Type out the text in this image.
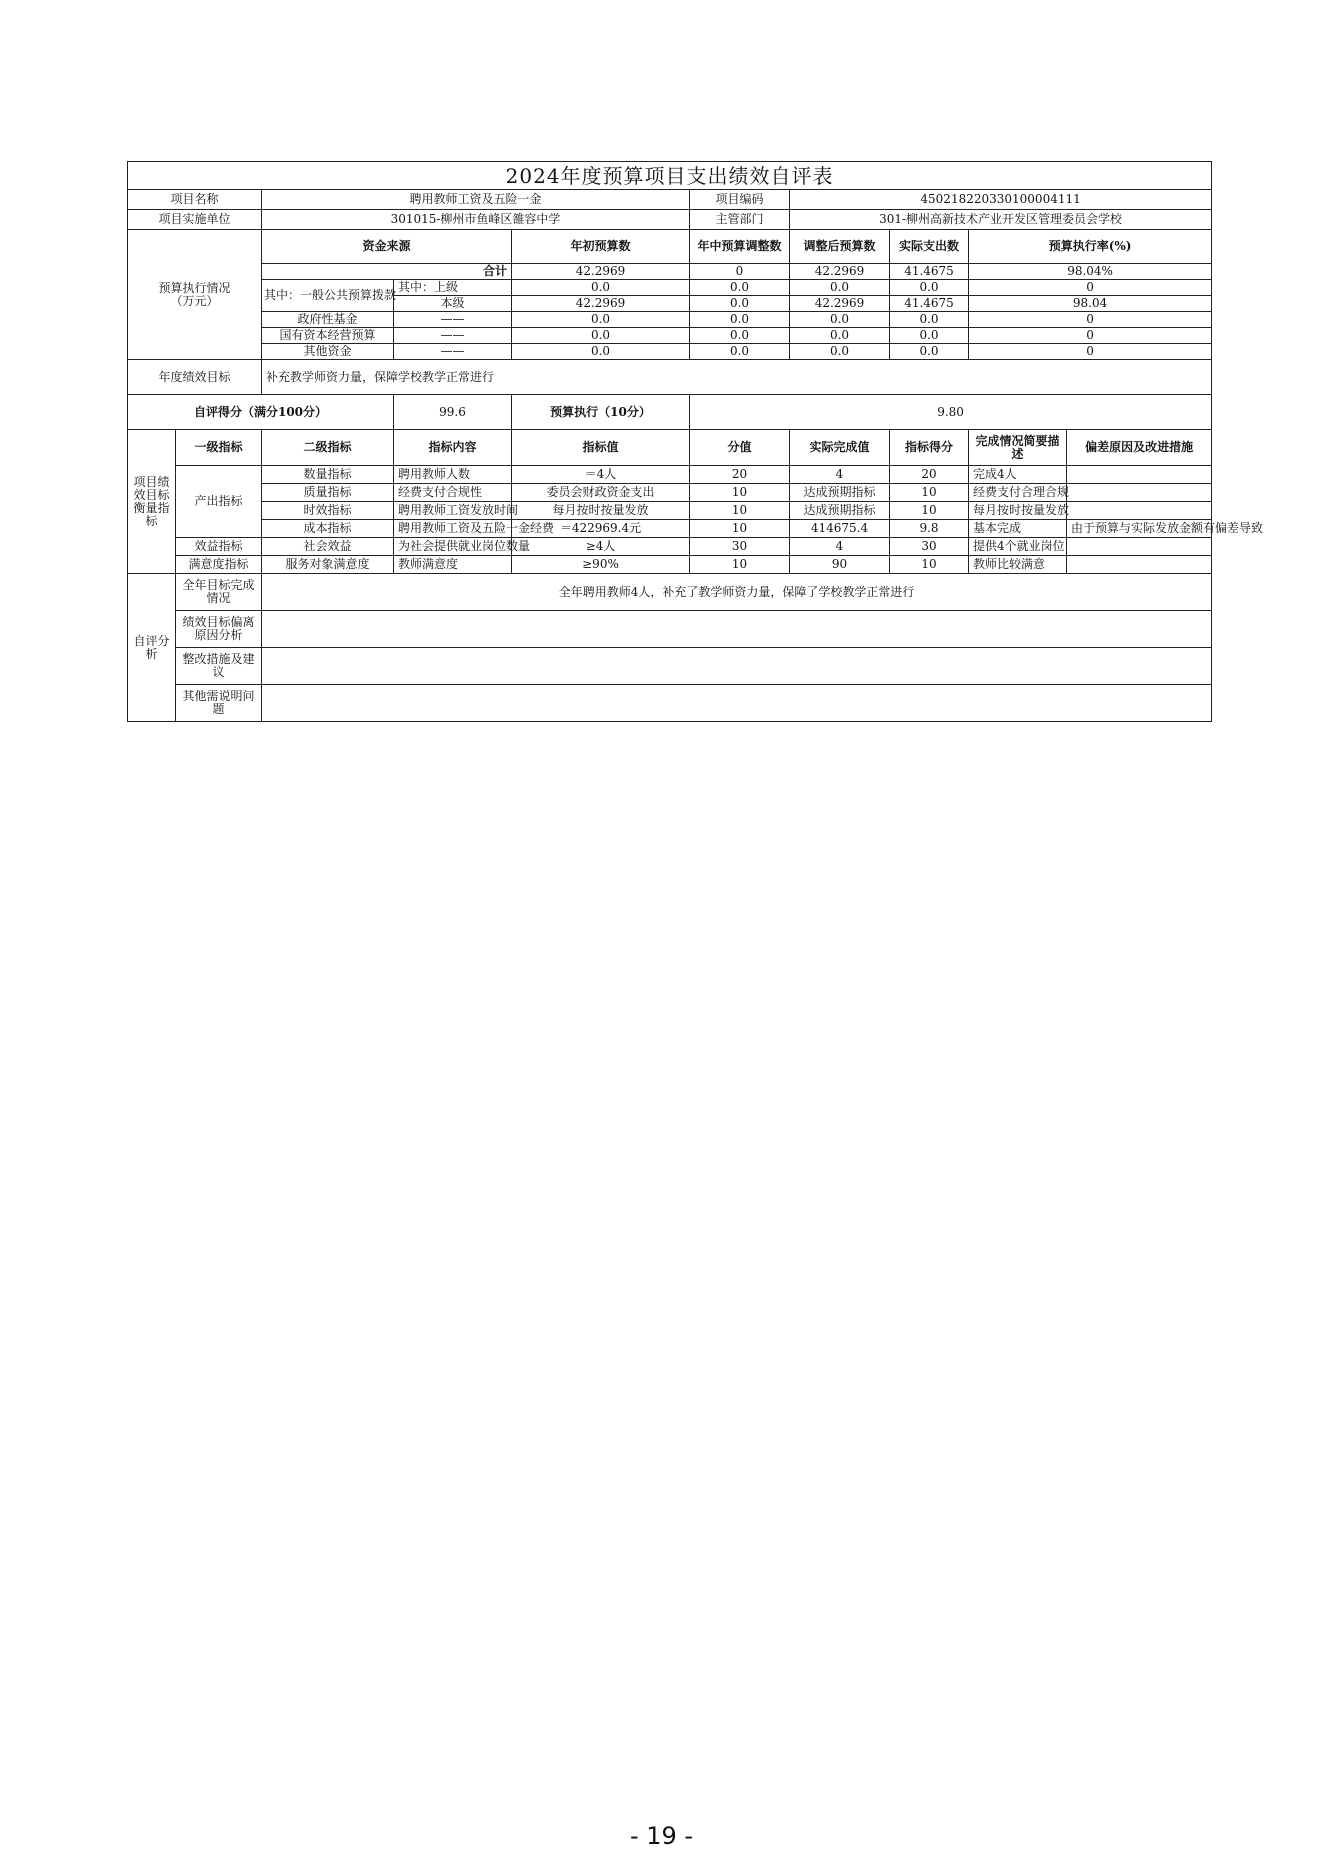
2024年度预算项目支出绩效自评表									
项目名称		聘用教师工资及五险一金			项目编码	450218220330100004111			
项目实施单位		301015-柳州市鱼峰区雒容中学			主管部门	301-柳州高新技术产业开发区管理委员会学校			
预算执行情况
（万元）		资金来源		年初预算数	年中预算调整数	调整后预算数	实际支出数	预算执行率(%)	
		合计		42.2969	0	42.2969	41.4675	98.04%	

		其中：一般公共预算拨款	其中：上级	0.0	0.0	0.0	0.0	0	
			本级	42.2969	0.0	42.2969	41.4675	98.04	
		政府性基金	——	0.0	0.0	0.0	0.0	0	
		国有资本经营预算	——	0.0	0.0	0.0	0.0	0	
		其他资金	——	0.0	0.0	0.0	0.0	0	
年度绩效目标		补充教学师资力量，保障学校教学正常进行							
自评得分（满分100分）			99.6	预算执行（10分）	9.80				
项目绩效目标衡量指标	一级指标	二级指标	指标内容	指标值	分值	实际完成值	指标得分	完成情况简要描述	偏差原因及改进措施
	产出指标	数量指标	聘用教师人数	＝4人	20	4	20	完成4人	

		质量指标	经费支付合规性	委员会财政资金支出	10	达成预期指标	10	经费支付合理合规	

		时效指标	聘用教师工资发放时间	每月按时按量发放	10	达成预期指标	10	每月按时按量发放	

		成本指标	聘用教师工资及五险一金经费	＝422969.4元	10	414675.4	9.8	基本完成	由于预算与实际发放金额有偏差导致

	效益指标	社会效益	为社会提供就业岗位数量	≥4人	30	4	30	提供4个就业岗位	

	满意度指标	服务对象满意度	教师满意度	≥90%	10	90	10	教师比较满意	

自评分析	全年目标完成情况	全年聘用教师4人，补充了教学师资力量，保障了学校教学正常进行							
	绩效目标偏离原因分析								
	整改措施及建议								
	其他需说明问题								
- 19 -
